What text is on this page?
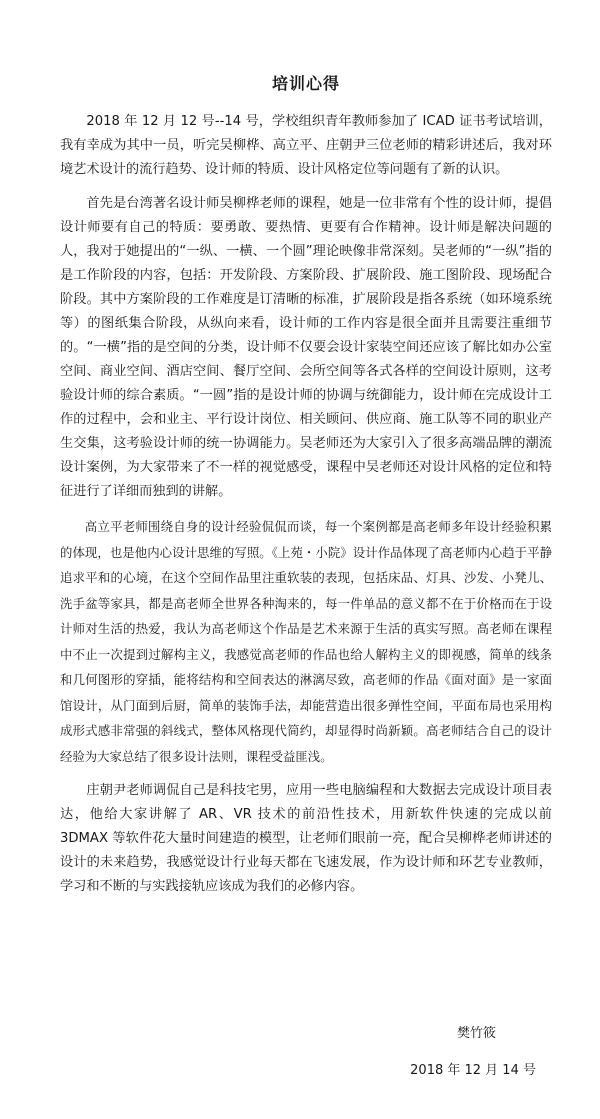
培训心得

2018 年 12 月 12 号--14 号，学校组织青年教师参加了 ICAD 证书考试培训，我有幸成为其中一员，听完吴柳桦、高立平、庄朝尹三位老师的精彩讲述后，我对环境艺术设计的流行趋势、设计师的特质、设计风格定位等问题有了新的认识。

首先是台湾著名设计师吴柳桦老师的课程，她是一位非常有个性的设计师，提倡设计师要有自己的特质：要勇敢、要热情、更要有合作精神。设计师是解决问题的人，我对于她提出的“一纵、一横、一个圆”理论映像非常深刻。吴老师的“一纵”指的是工作阶段的内容，包括：开发阶段、方案阶段、扩展阶段、施工图阶段、现场配合阶段。其中方案阶段的工作难度是订清晰的标准，扩展阶段是指各系统（如环境系统等）的图纸集合阶段，从纵向来看，设计师的工作内容是很全面并且需要注重细节的。“一横”指的是空间的分类，设计师不仅要会设计家装空间还应该了解比如办公室空间、商业空间、酒店空间、餐厅空间、会所空间等各式各样的空间设计原则，这考验设计师的综合素质。“一圆”指的是设计师的协调与统御能力，设计师在完成设计工作的过程中，会和业主、平行设计岗位、相关顾问、供应商、施工队等不同的职业产生交集，这考验设计师的统一协调能力。吴老师还为大家引入了很多高端品牌的潮流设计案例，为大家带来了不一样的视觉感受，课程中吴老师还对设计风格的定位和特征进行了详细而独到的讲解。

高立平老师围绕自身的设计经验侃侃而谈，每一个案例都是高老师多年设计经验积累的体现，也是他内心设计思维的写照。《上苑・小院》设计作品体现了高老师内心趋于平静追求平和的心境，在这个空间作品里注重软装的表现，包括床品、灯具、沙发、小凳儿、洗手盆等家具，都是高老师全世界各种淘来的，每一件单品的意义都不在于价格而在于设计师对生活的热爱，我认为高老师这个作品是艺术来源于生活的真实写照。高老师在课程中不止一次提到过解构主义，我感觉高老师的作品也给人解构主义的即视感，简单的线条和几何图形的穿插，能将结构和空间表达的淋漓尽致，高老师的作品《面对面》是一家面馆设计，从门面到后厨，简单的装饰手法，却能营造出很多弹性空间，平面布局也采用构成形式感非常强的斜线式，整体风格现代简约，却显得时尚新颖。高老师结合自己的设计经验为大家总结了很多设计法则，课程受益匪浅。

庄朝尹老师调侃自己是科技宅男，应用一些电脑编程和大数据去完成设计项目表达，他给大家讲解了 AR、VR 技术的前沿性技术，用新软件快速的完成以前 3DMAX 等软件花大量时间建造的模型，让老师们眼前一亮，配合吴柳桦老师讲述的设计的未来趋势，我感觉设计行业每天都在飞速发展，作为设计师和环艺专业教师，学习和不断的与实践接轨应该成为我们的必修内容。

樊竹筱
2018 年 12 月 14 号
